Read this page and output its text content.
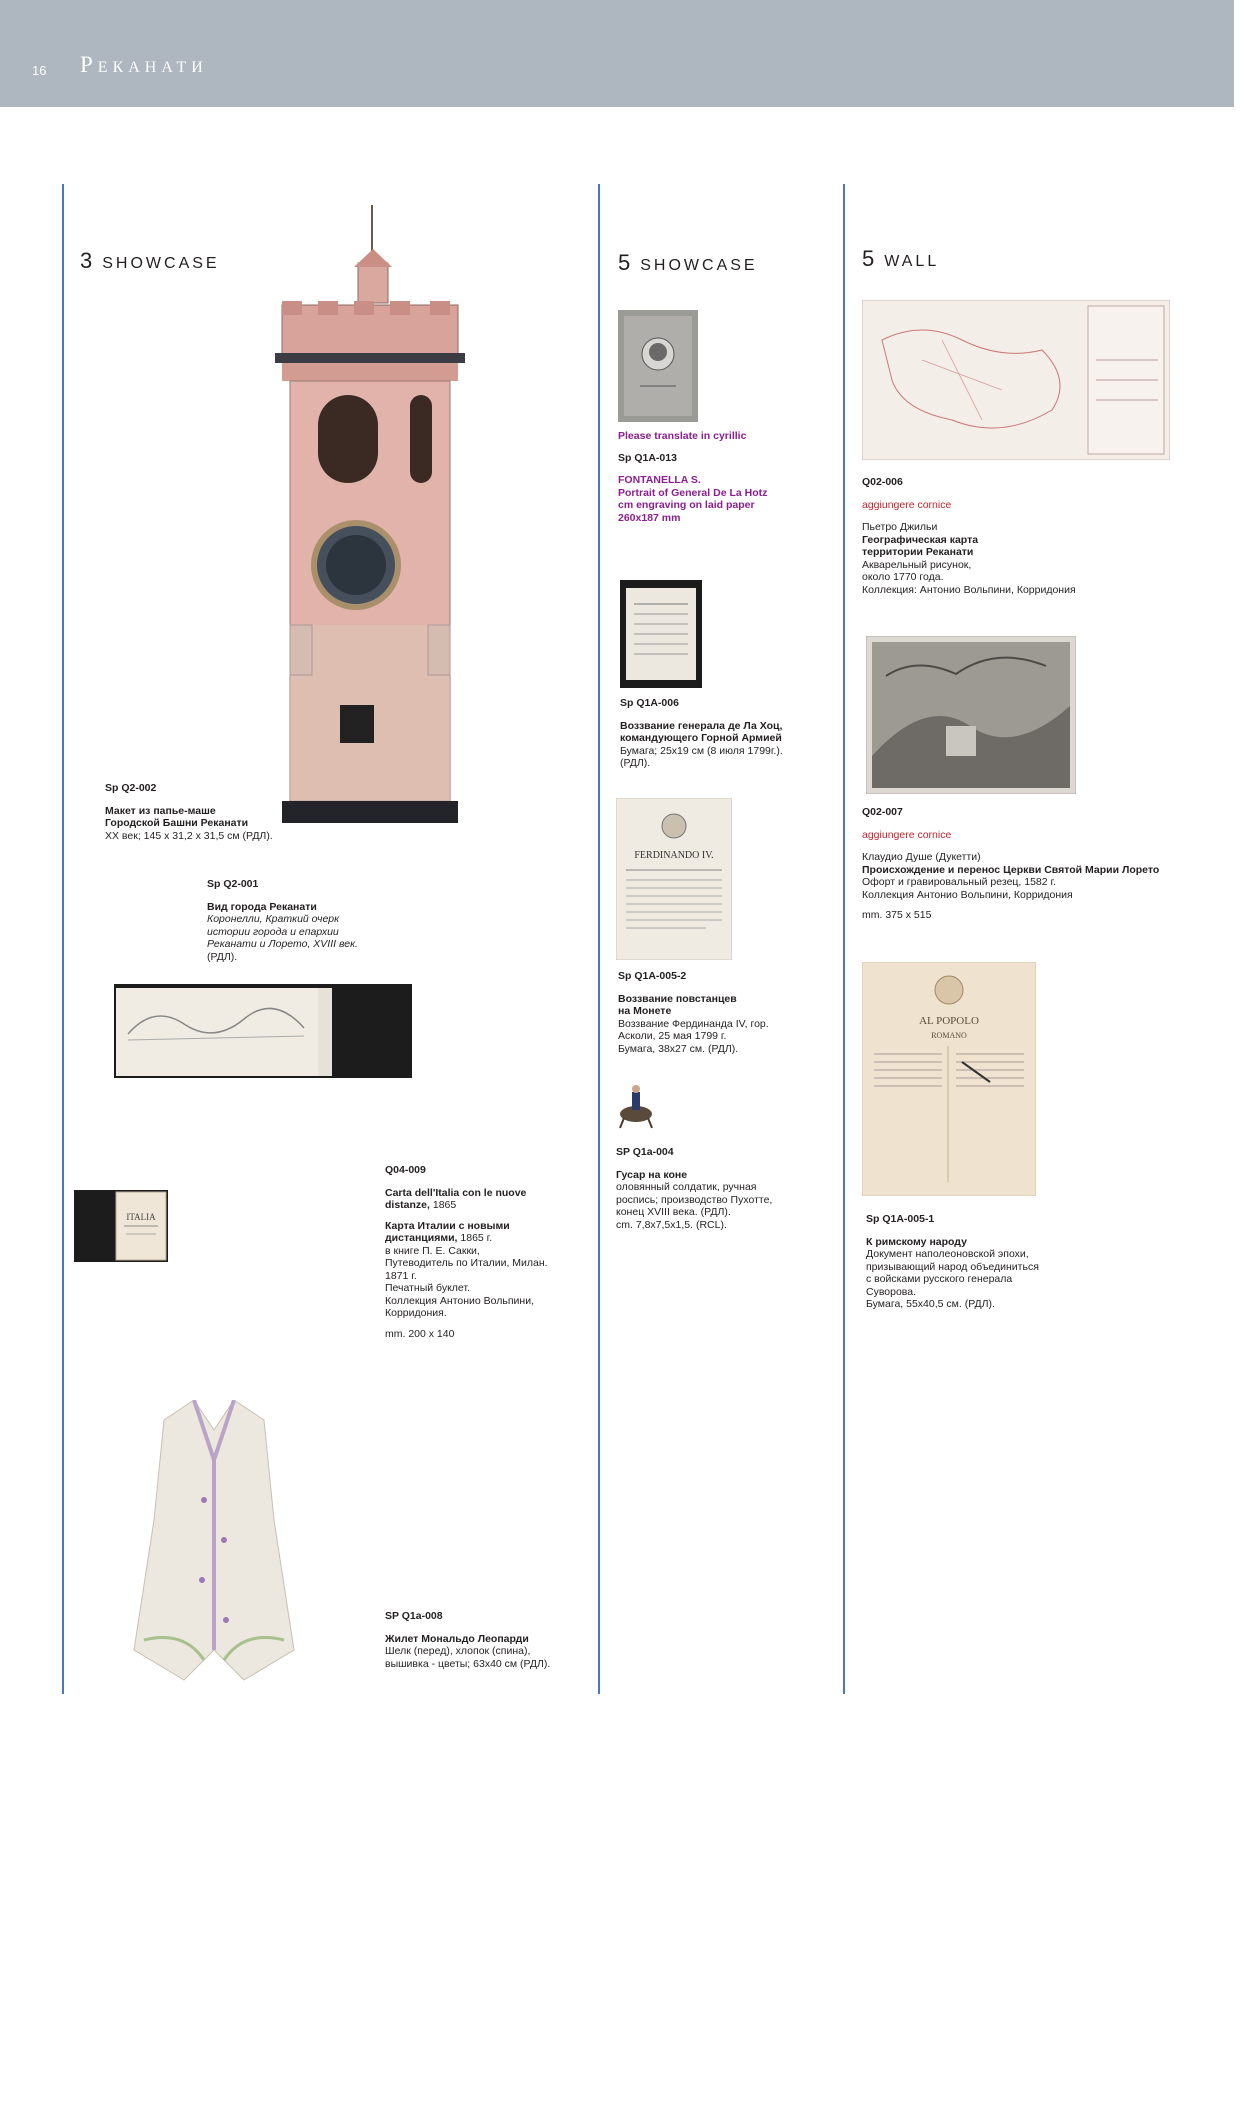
16 Реканати
3 SHOWCASE	5 SHOWCASE	5 WALL
Sp Q2-002
Макет из папье-маше
Городской Башни Реканати
XX век; 145 x 31,2 x 31,5 см (РДЛ).
Sp Q2-001
Вид города Реканати
Коронелли, Краткий очерк
истории города и епархии
Реканати и Лорето, XVIII век.
(РДЛ).
ITALIA
Q04-009
Carta dell'Italia con le nuove
distanze, 1865
Карта Италии с новыми
дистанциями, 1865 г.
в книге П. Е. Сакки,
Путеводитель по Италии, Милан.
1871 г.
Печатный буклет.
Коллекция Антонио Вольпини,
Корридония.
mm. 200 x 140
SP Q1a-008
Жилет Мональдо Леопарди
Шелк (перед), хлопок (спина),
вышивка - цветы; 63x40 см (РДЛ).
Please translate in cyrillic
Sp Q1A-013
FONTANELLA S.
Portrait of General De La Hotz
cm engraving on laid paper
260x187 mm
Sp Q1A-006
Воззвание генерала де Ла Хоц,
командующего Горной Армией
Бумага; 25x19 см (8 июля 1799г.).
(РДЛ).
FERDINANDO IV.
Sp Q1A-005-2
Воззвание повстанцев
на Монете
Воззвание Фердинанда IV, гор.
Асколи, 25 мая 1799 г.
Бумага, 38x27 см. (РДЛ).
SP Q1a-004
Гусар на коне
оловянный солдатик, ручная
роспись; производство Пухотте,
конец XVIII века. (РДЛ).
cm. 7,8x7,5x1,5. (RCL).
Q02-006
aggiungere cornice
Пьетро Джильи
Географическая карта
территории Реканати
Акварельный рисунок,
около 1770 года.
Коллекция: Антонио Вольпини, Корридония
Q02-007
aggiungere cornice
Клаудио Душе (Дукетти)
Происхождение и перенос Церкви Святой Марии Лорето
Офорт и гравировальный резец, 1582 г.
Коллекция Антонио Вольпини, Корридония
mm. 375 x 515
AL POPOLO
ROMANO
Sp Q1A-005-1
К римскому народу
Документ наполеоновской эпохи,
призывающий народ объединиться
с войсками русского генерала
Суворова.
Бумага, 55x40,5 см. (РДЛ).
